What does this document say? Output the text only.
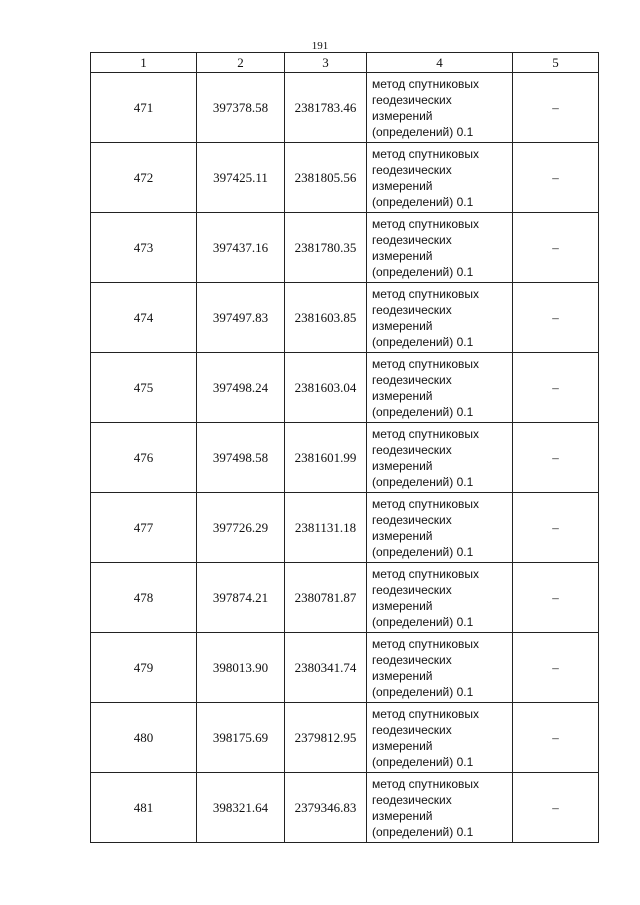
191
1	2	3	4	5
471	397378.58	2381783.46	метод спутниковых
геодезических
измерений
(определений) 0.1	–
472	397425.11	2381805.56	метод спутниковых
геодезических
измерений
(определений) 0.1	–
473	397437.16	2381780.35	метод спутниковых
геодезических
измерений
(определений) 0.1	–
474	397497.83	2381603.85	метод спутниковых
геодезических
измерений
(определений) 0.1	–
475	397498.24	2381603.04	метод спутниковых
геодезических
измерений
(определений) 0.1	–
476	397498.58	2381601.99	метод спутниковых
геодезических
измерений
(определений) 0.1	–
477	397726.29	2381131.18	метод спутниковых
геодезических
измерений
(определений) 0.1	–
478	397874.21	2380781.87	метод спутниковых
геодезических
измерений
(определений) 0.1	–
479	398013.90	2380341.74	метод спутниковых
геодезических
измерений
(определений) 0.1	–
480	398175.69	2379812.95	метод спутниковых
геодезических
измерений
(определений) 0.1	–
481	398321.64	2379346.83	метод спутниковых
геодезических
измерений
(определений) 0.1	–
